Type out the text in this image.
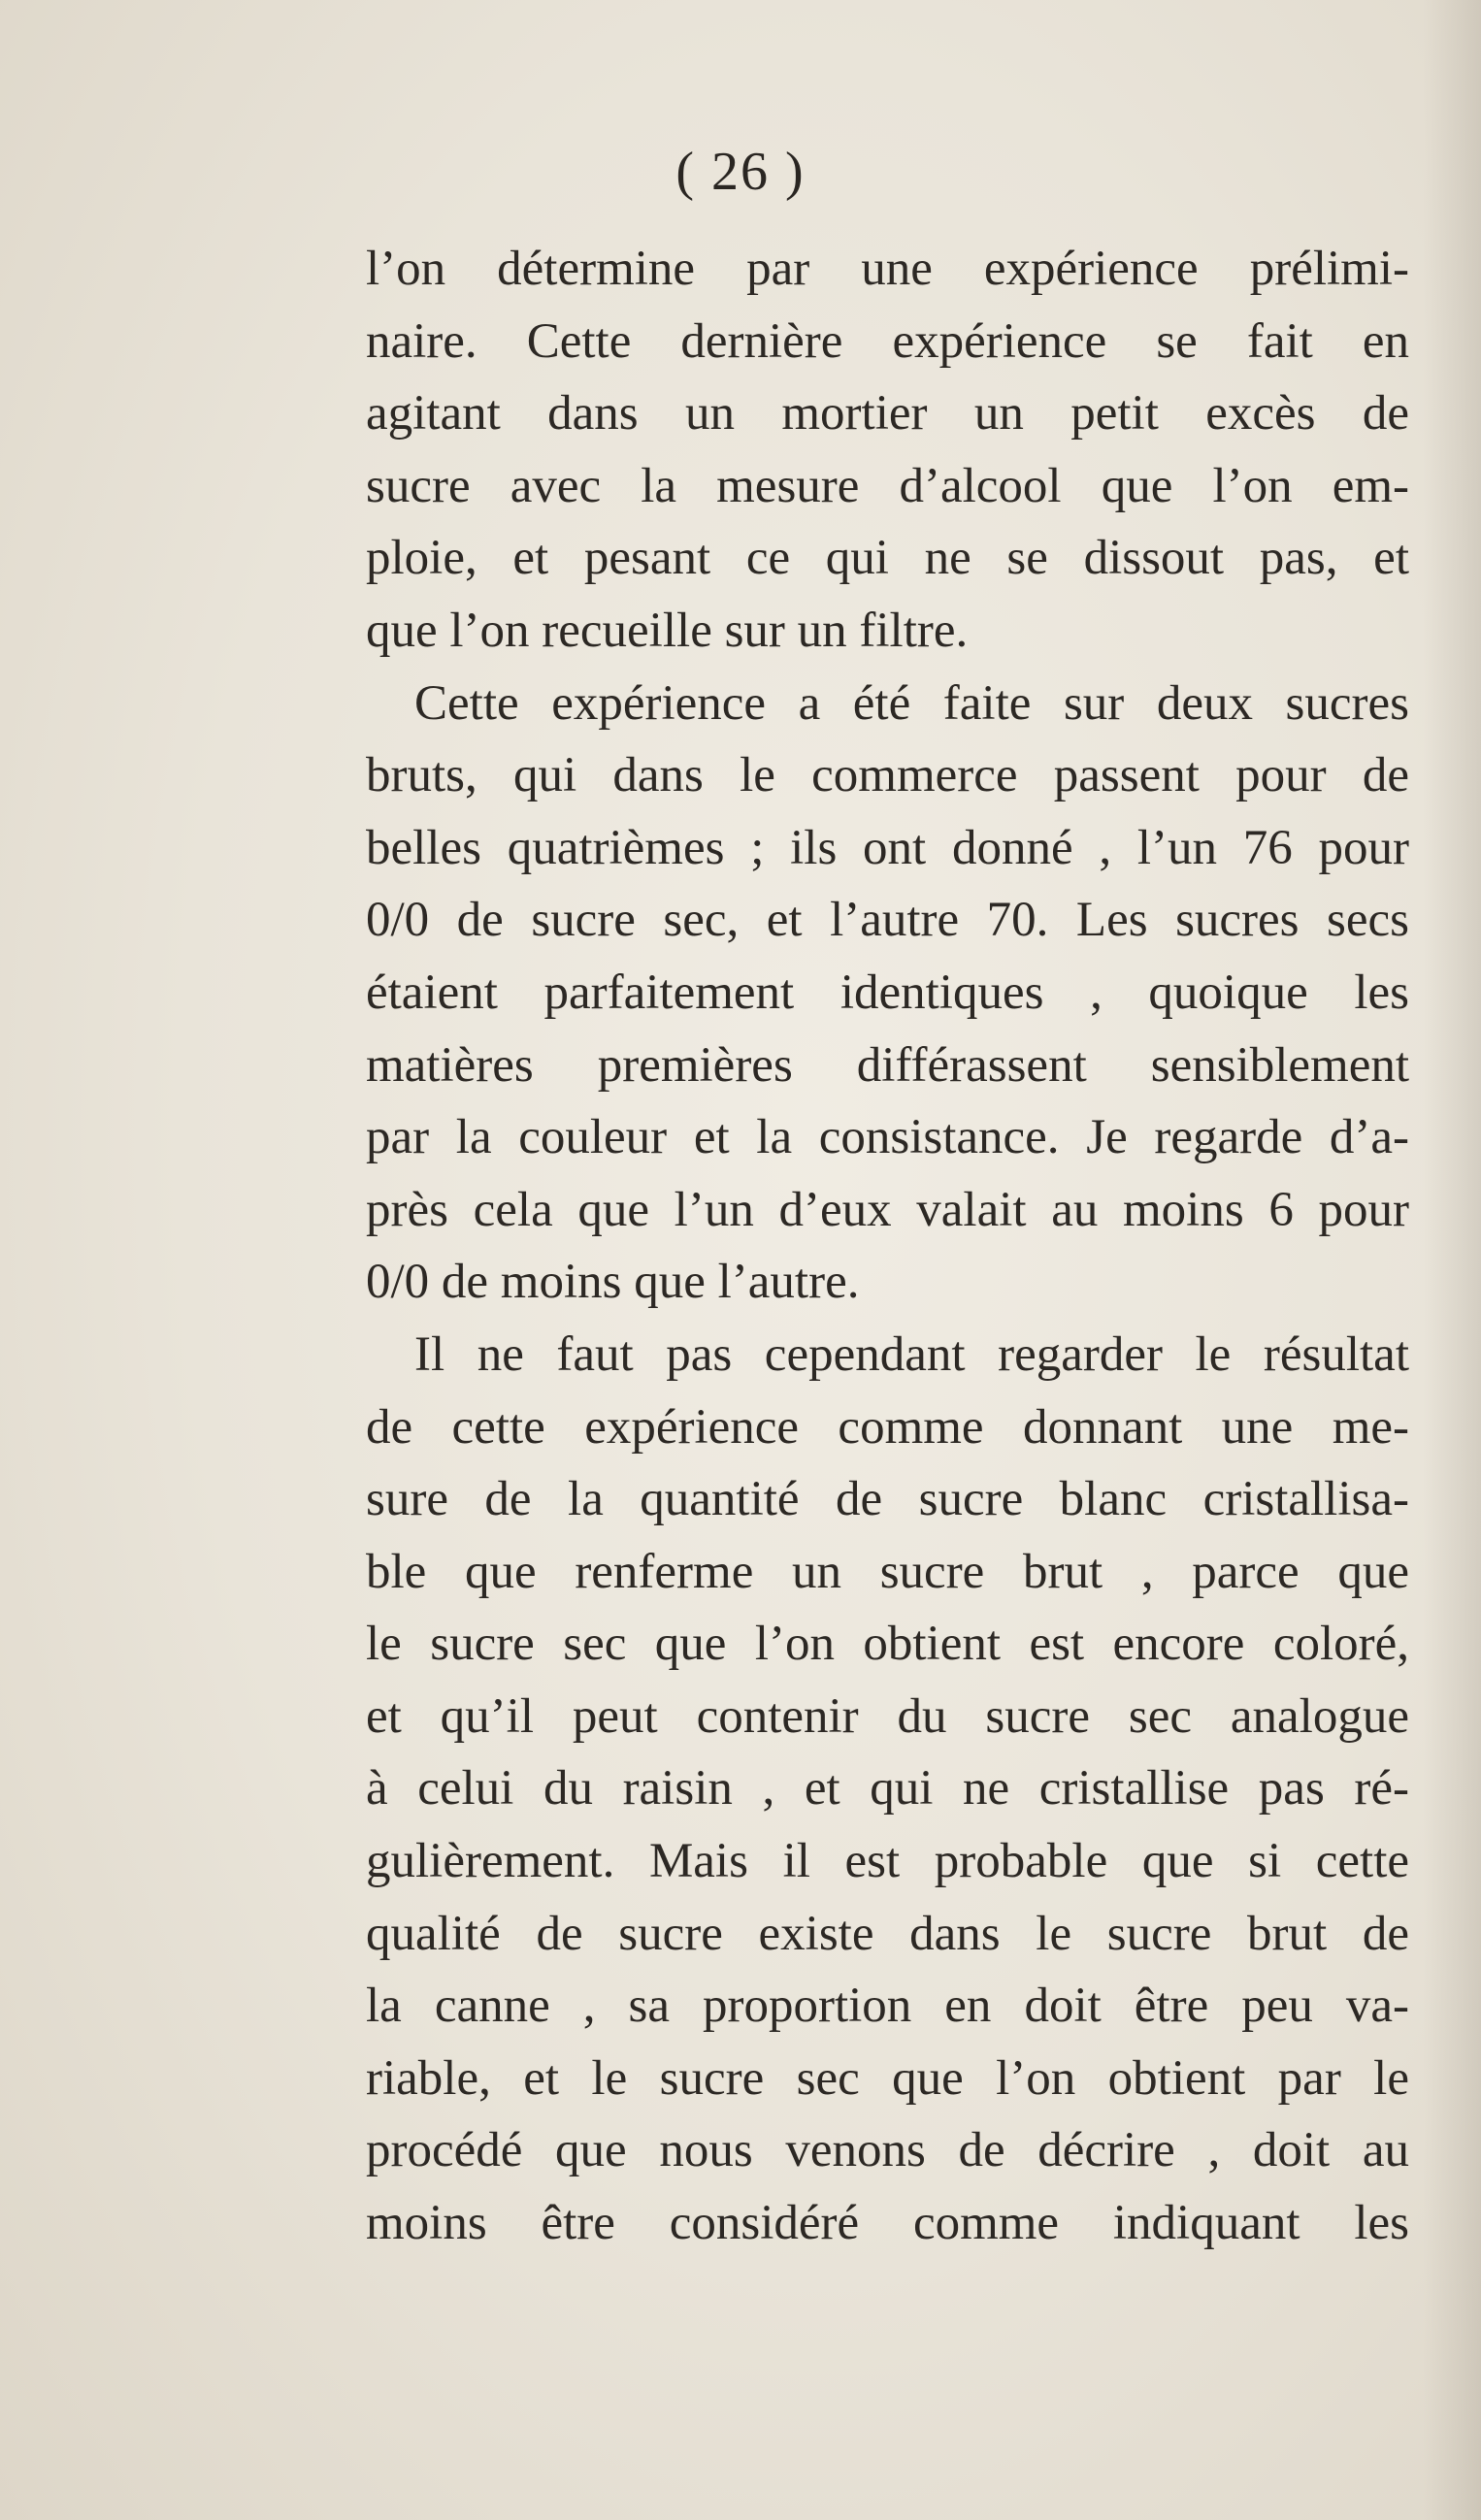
( 26 )
l’on détermine par une expérience prélimi-
naire. Cette dernière expérience se fait en
agitant dans un mortier un petit excès de
sucre avec la mesure d’alcool que l’on em-
ploie, et pesant ce qui ne se dissout pas, et
que l’on recueille sur un filtre.
Cette expérience a été faite sur deux sucres
bruts, qui dans le commerce passent pour de
belles quatrièmes ; ils ont donné , l’un 76 pour
0/0 de sucre sec, et l’autre 70. Les sucres secs
étaient parfaitement identiques , quoique les
matières premières différassent sensiblement
par la couleur et la consistance. Je regarde d’a-
près cela que l’un d’eux valait au moins 6 pour
0/0 de moins que l’autre.
Il ne faut pas cependant regarder le résultat
de cette expérience comme donnant une me-
sure de la quantité de sucre blanc cristallisa-
ble que renferme un sucre brut , parce que
le sucre sec que l’on obtient est encore coloré,
et qu’il peut contenir du sucre sec analogue
à celui du raisin , et qui ne cristallise pas ré-
gulièrement. Mais il est probable que si cette
qualité de sucre existe dans le sucre brut de
la canne , sa proportion en doit être peu va-
riable, et le sucre sec que l’on obtient par le
procédé que nous venons de décrire , doit au
moins être considéré comme indiquant les
